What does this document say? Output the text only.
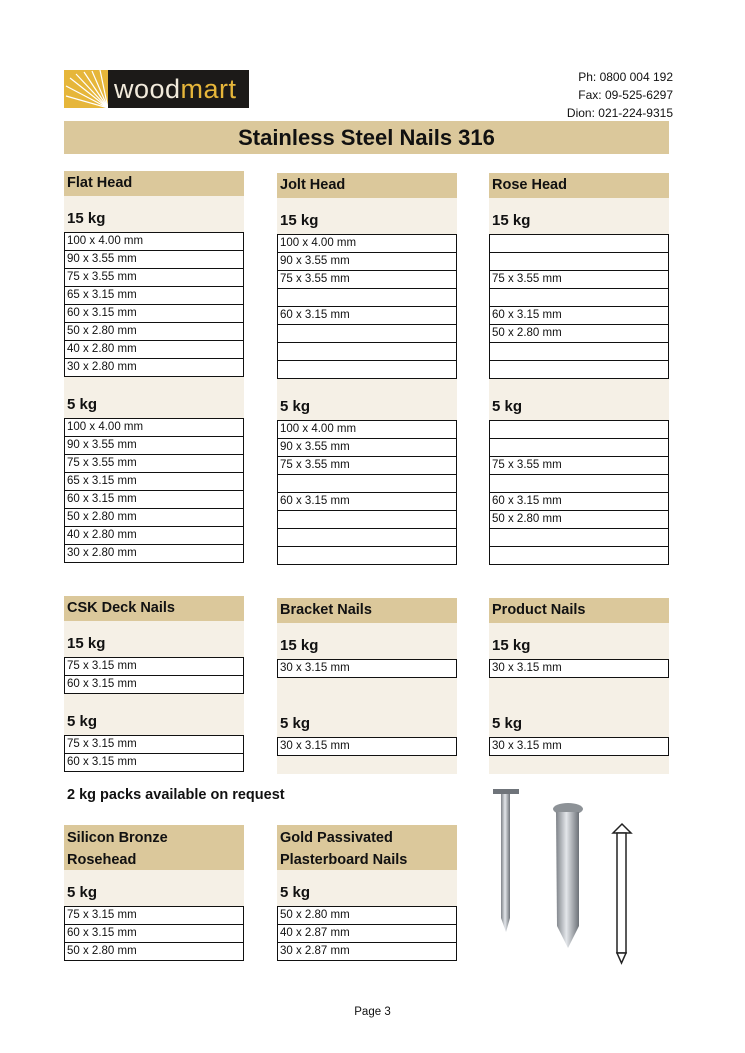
woodmart	Ph: 0800 004 192
Fax: 09-525-6297
Dion: 021-224-9315
Stainless Steel Nails 316
Flat Head
15 kg
100 x 4.00 mm
90 x 3.55 mm
75 x 3.55 mm
65 x 3.15 mm
60 x 3.15 mm
50 x 2.80 mm
40 x 2.80 mm
30 x 2.80 mm
5 kg
100 x 4.00 mm
90 x 3.55 mm
75 x 3.55 mm
65 x 3.15 mm
60 x 3.15 mm
50 x 2.80 mm
40 x 2.80 mm
30 x 2.80 mm
Jolt Head
15 kg
100 x 4.00 mm
90 x 3.55 mm
75 x 3.55 mm
60 x 3.15 mm
5 kg
100 x 4.00 mm
90 x 3.55 mm
75 x 3.55 mm
60 x 3.15 mm
Rose Head
15 kg
75 x 3.55 mm
60 x 3.15 mm
50 x 2.80 mm
5 kg
75 x 3.55 mm
60 x 3.15 mm
50 x 2.80 mm
CSK Deck Nails
15 kg
75 x 3.15 mm
60 x 3.15 mm
5 kg
75 x 3.15 mm
60 x 3.15 mm
Bracket Nails
15 kg
30 x 3.15 mm
5 kg
30 x 3.15 mm
Product Nails
15 kg
30 x 3.15 mm
5 kg
30 x 3.15 mm
Silicon Bronze Rosehead
5 kg
75 x 3.15 mm
60 x 3.15 mm
50 x 2.80 mm
Gold Passivated Plasterboard Nails
5 kg
50 x 2.80 mm
40 x 2.87 mm
30 x 2.87 mm
2 kg packs available on request
Page 3
